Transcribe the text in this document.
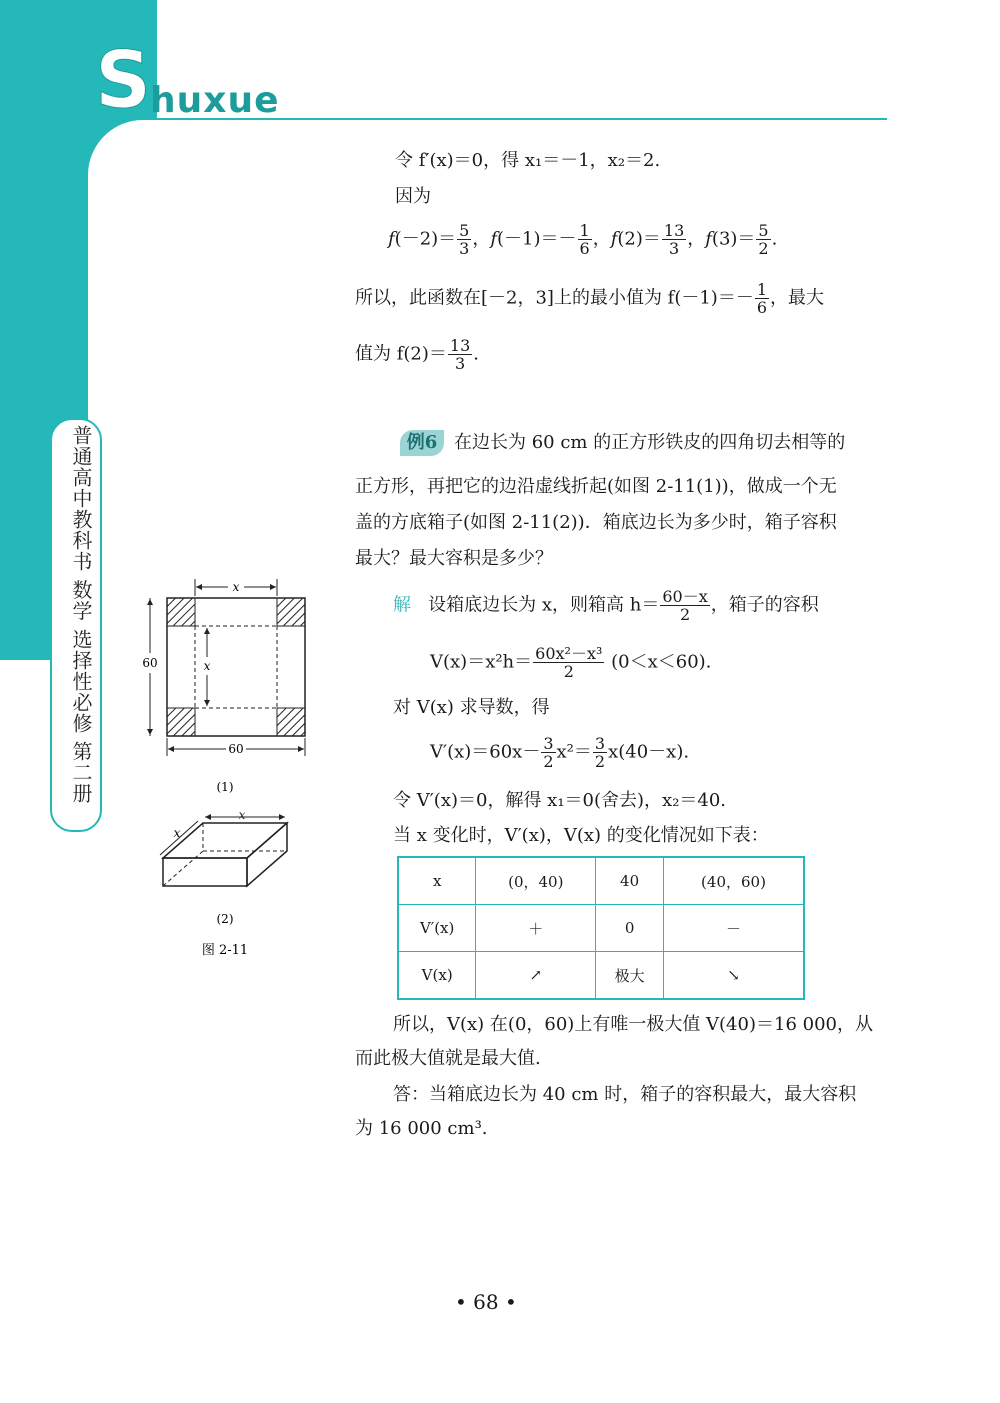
S
huxue
普通高中教科书 数学 选择性必修 第二册
令 f′(x)＝0，得 x₁＝－1，x₂＝2.
因为
$f(-2)= \frac{5}{3}$ ，$f(-1)=- \frac{1}{6}$ ，$f(2)= \frac{13}{3}$ ，$f(3)= \frac{5}{2}$ .
所以，此函数在[－2，3]上的最小值为 $f(-1)=- \frac{1}{6}$ ，最大
值为 $f(2)= \frac{13}{3}$ .
例6 在边长为 60 cm 的正方形铁皮的四角切去相等的
正方形，再把它的边沿虚线折起(如图 2-11(1))，做成一个无
盖的方底箱子(如图 2-11(2))．箱底边长为多少时，箱子容积
最大？最大容积是多少？
解 设箱底边长为 x，则箱高 $h= \frac{60-x}{2}$ ，箱子的容积
$V(x)=x^2h= \frac{\text{60x²－x³}}{2} (0<x<60)$.
对 V(x) 求导数，得
$V'(x)=60x- \frac{3}{2} x^2= \frac{3}{2} x(40-x)$.
令 V′(x)＝0，解得 x₁＝0(舍去)，x₂＝40.
当 x 变化时，V′(x)，V(x) 的变化情况如下表：
x	(0，40)	40	(40，60)
V′(x)	＋	0	－
V(x)	↗	极大	↘
所以，V(x) 在(0，60)上有唯一极大值 V(40)＝16 000，从
而此极大值就是最大值.
答：当箱底边长为 40 cm 时，箱子的容积最大，最大容积
为 16 000 cm³.
x
60	x
60
(1)
x
x
(2)
图 2-11
• 68 •
